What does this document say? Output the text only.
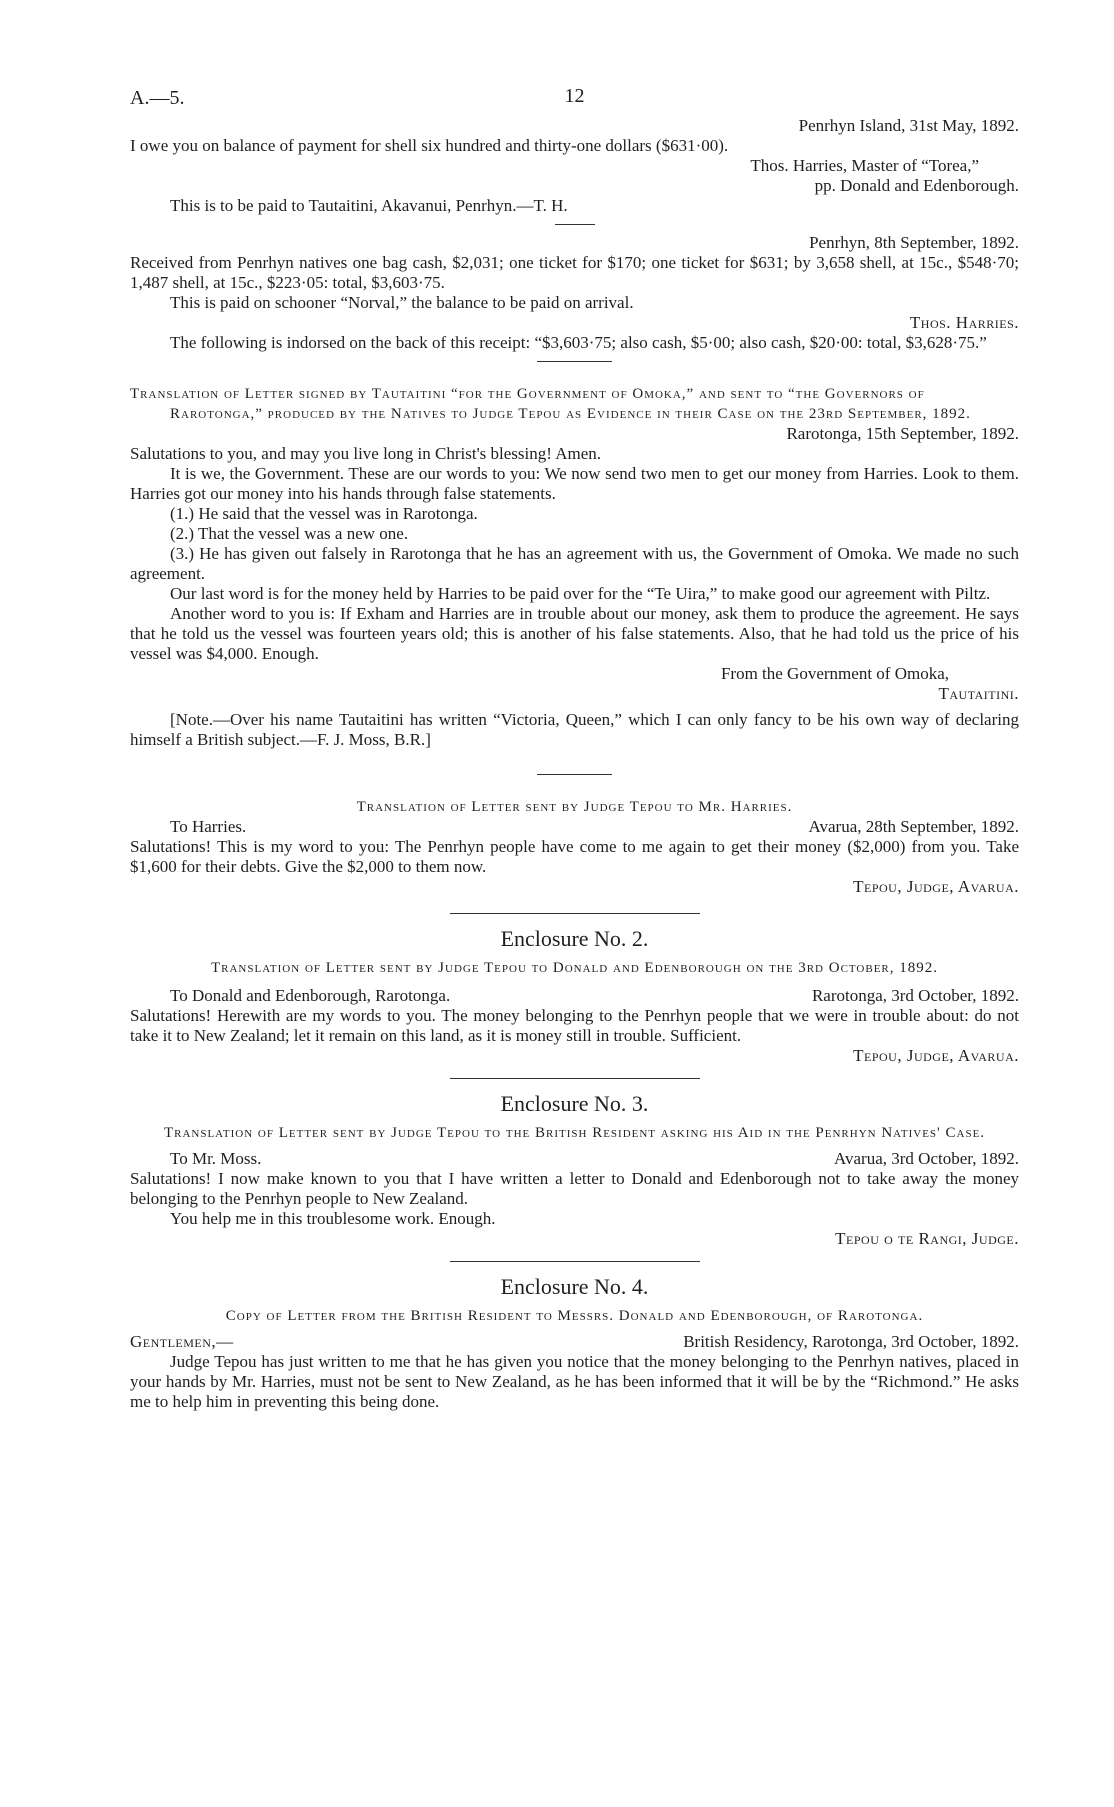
A.—5.	12

Penrhyn Island, 31st May, 1892.

I owe you on balance of payment for shell six hundred and thirty-one dollars ($631·00).

Thos. Harries, Master of “Torea,”

pp. Donald and Edenborough.

This is to be paid to Tautaitini, Akavanui, Penrhyn.—T. H.

Penrhyn, 8th September, 1892.

Received from Penrhyn natives one bag cash, $2,031; one ticket for $170; one ticket for $631; by 3,658 shell, at 15c., $548·70; 1,487 shell, at 15c., $223·05: total, $3,603·75.

This is paid on schooner “Norval,” the balance to be paid on arrival.

Thos. Harries.

The following is indorsed on the back of this receipt: “$3,603·75; also cash, $5·00; also cash, $20·00: total, $3,628·75.”

Translation of Letter signed by Tautaitini “for the Government of Omoka,” and sent to “the Governors of Rarotonga,” produced by the Natives to Judge Tepou as Evidence in their Case on the 23rd September, 1892.

Rarotonga, 15th September, 1892.

Salutations to you, and may you live long in Christ's blessing! Amen.

It is we, the Government. These are our words to you: We now send two men to get our money from Harries. Look to them. Harries got our money into his hands through false statements.

(1.) He said that the vessel was in Rarotonga.

(2.) That the vessel was a new one.

(3.) He has given out falsely in Rarotonga that he has an agreement with us, the Government of Omoka. We made no such agreement.

Our last word is for the money held by Harries to be paid over for the “Te Uira,” to make good our agreement with Piltz.

Another word to you is: If Exham and Harries are in trouble about our money, ask them to produce the agreement. He says that he told us the vessel was fourteen years old; this is another of his false statements. Also, that he had told us the price of his vessel was $4,000. Enough.

From the Government of Omoka,

Tautaitini.

[Note.—Over his name Tautaitini has written “Victoria, Queen,” which I can only fancy to be his own way of declaring himself a British subject.—F. J. Moss, B.R.]

Translation of Letter sent by Judge Tepou to Mr. Harries.

To Harries.	Avarua, 28th September, 1892.

Salutations! This is my word to you: The Penrhyn people have come to me again to get their money ($2,000) from you. Take $1,600 for their debts. Give the $2,000 to them now.

Tepou, Judge, Avarua.

Enclosure No. 2.

Translation of Letter sent by Judge Tepou to Donald and Edenborough on the 3rd October, 1892.

To Donald and Edenborough, Rarotonga.	Rarotonga, 3rd October, 1892.

Salutations! Herewith are my words to you. The money belonging to the Penrhyn people that we were in trouble about: do not take it to New Zealand; let it remain on this land, as it is money still in trouble. Sufficient.

Tepou, Judge, Avarua.

Enclosure No. 3.

Translation of Letter sent by Judge Tepou to the British Resident asking his Aid in the Penrhyn Natives' Case.

To Mr. Moss.	Avarua, 3rd October, 1892.

Salutations! I now make known to you that I have written a letter to Donald and Edenborough not to take away the money belonging to the Penrhyn people to New Zealand.

You help me in this troublesome work. Enough.

Tepou o te Rangi, Judge.

Enclosure No. 4.

Copy of Letter from the British Resident to Messrs. Donald and Edenborough, of Rarotonga.

Gentlemen,—	British Residency, Rarotonga, 3rd October, 1892.

Judge Tepou has just written to me that he has given you notice that the money belonging to the Penrhyn natives, placed in your hands by Mr. Harries, must not be sent to New Zealand, as he has been informed that it will be by the “Richmond.” He asks me to help him in preventing this being done.
